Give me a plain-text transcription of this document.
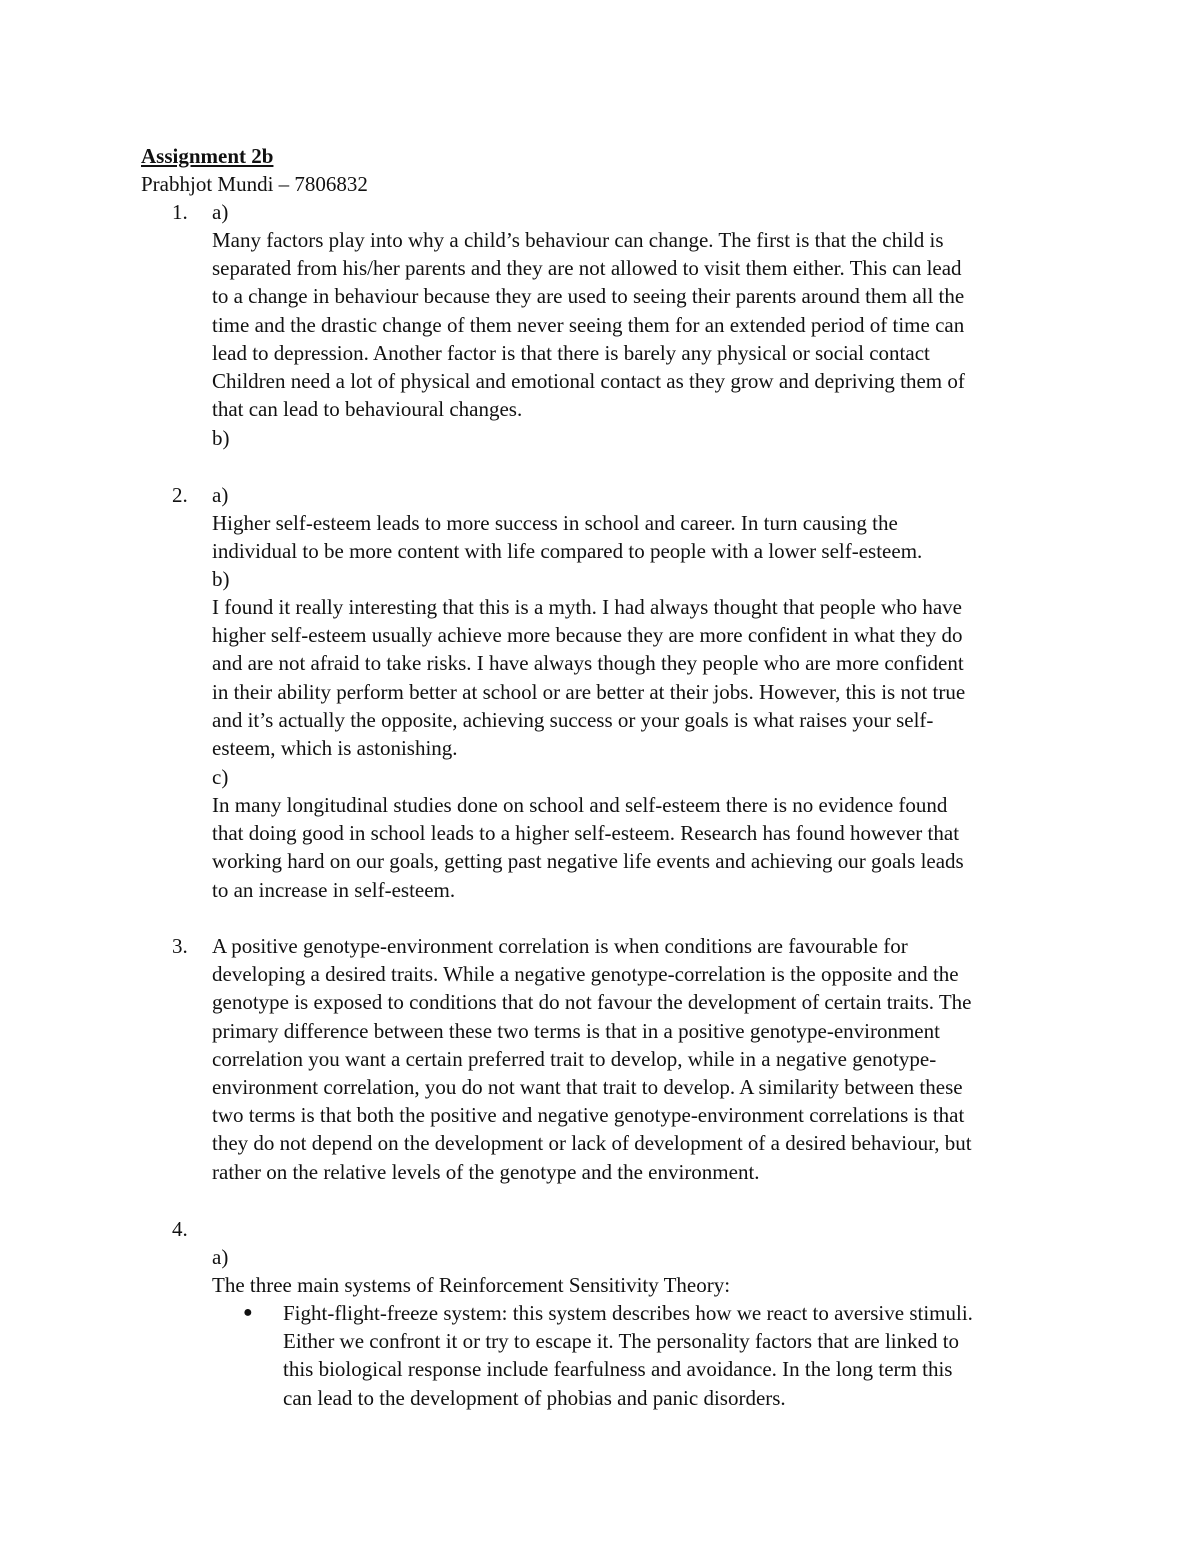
Assignment 2b
Prabhjot Mundi – 7806832
1. a)
Many factors play into why a child’s behaviour can change. The first is that the child is
separated from his/her parents and they are not allowed to visit them either. This can lead
to a change in behaviour because they are used to seeing their parents around them all the
time and the drastic change of them never seeing them for an extended period of time can
lead to depression. Another factor is that there is barely any physical or social contact
Children need a lot of physical and emotional contact as they grow and depriving them of
that can lead to behavioural changes.
b)
2. a)
Higher self-esteem leads to more success in school and career. In turn causing the
individual to be more content with life compared to people with a lower self-esteem.
b)
I found it really interesting that this is a myth. I had always thought that people who have
higher self-esteem usually achieve more because they are more confident in what they do
and are not afraid to take risks. I have always though they people who are more confident
in their ability perform better at school or are better at their jobs. However, this is not true
and it’s actually the opposite, achieving success or your goals is what raises your self-
esteem, which is astonishing.
c)
In many longitudinal studies done on school and self-esteem there is no evidence found
that doing good in school leads to a higher self-esteem. Research has found however that
working hard on our goals, getting past negative life events and achieving our goals leads
to an increase in self-esteem.
3. A positive genotype-environment correlation is when conditions are favourable for
developing a desired traits. While a negative genotype-correlation is the opposite and the
genotype is exposed to conditions that do not favour the development of certain traits. The
primary difference between these two terms is that in a positive genotype-environment
correlation you want a certain preferred trait to develop, while in a negative genotype-
environment correlation, you do not want that trait to develop. A similarity between these
two terms is that both the positive and negative genotype-environment correlations is that
they do not depend on the development or lack of development of a desired behaviour, but
rather on the relative levels of the genotype and the environment.
4.
a)
The three main systems of Reinforcement Sensitivity Theory:
● Fight-flight-freeze system: this system describes how we react to aversive stimuli.
Either we confront it or try to escape it. The personality factors that are linked to
this biological response include fearfulness and avoidance. In the long term this
can lead to the development of phobias and panic disorders.
